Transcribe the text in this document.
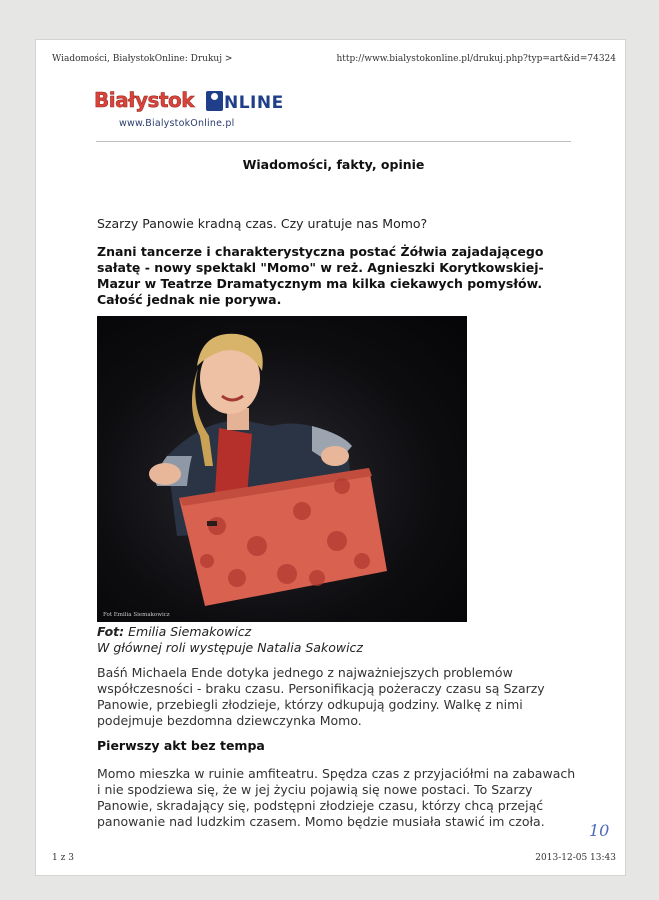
Wiadomości, BiałystokOnline: Drukuj >	http://www.bialystokonline.pl/drukuj.php?typ=art&id=74324
Białystok NLINE
www.BialystokOnline.pl
Wiadomości, fakty, opinie
Szarzy Panowie kradną czas. Czy uratuje nas Momo?
Znani tancerze i charakterystyczna postać Żółwia zajadającego sałatę - nowy spektakl "Momo" w reż. Agnieszki Korytkowskiej-Mazur w Teatrze Dramatycznym ma kilka ciekawych pomysłów. Całość jednak nie porywa.
Fot Emilia Siemakowicz
Fot: Emilia Siemakowicz
W głównej roli występuje Natalia Sakowicz
Baśń Michaela Ende dotyka jednego z najważniejszych problemów współczesności - braku czasu. Personifikacją pożeraczy czasu są Szarzy Panowie, przebiegli złodzieje, którzy odkupują godziny. Walkę z nimi podejmuje bezdomna dziewczynka Momo.
Pierwszy akt bez tempa
Momo mieszka w ruinie amfiteatru. Spędza czas z przyjaciółmi na zabawach i nie spodziewa się, że w jej życiu pojawią się nowe postaci. To Szarzy Panowie, skradający się, podstępni złodzieje czasu, którzy chcą przejąć panowanie nad ludzkim czasem. Momo będzie musiała stawić im czoła.	10
1 z 3	2013-12-05 13:43
